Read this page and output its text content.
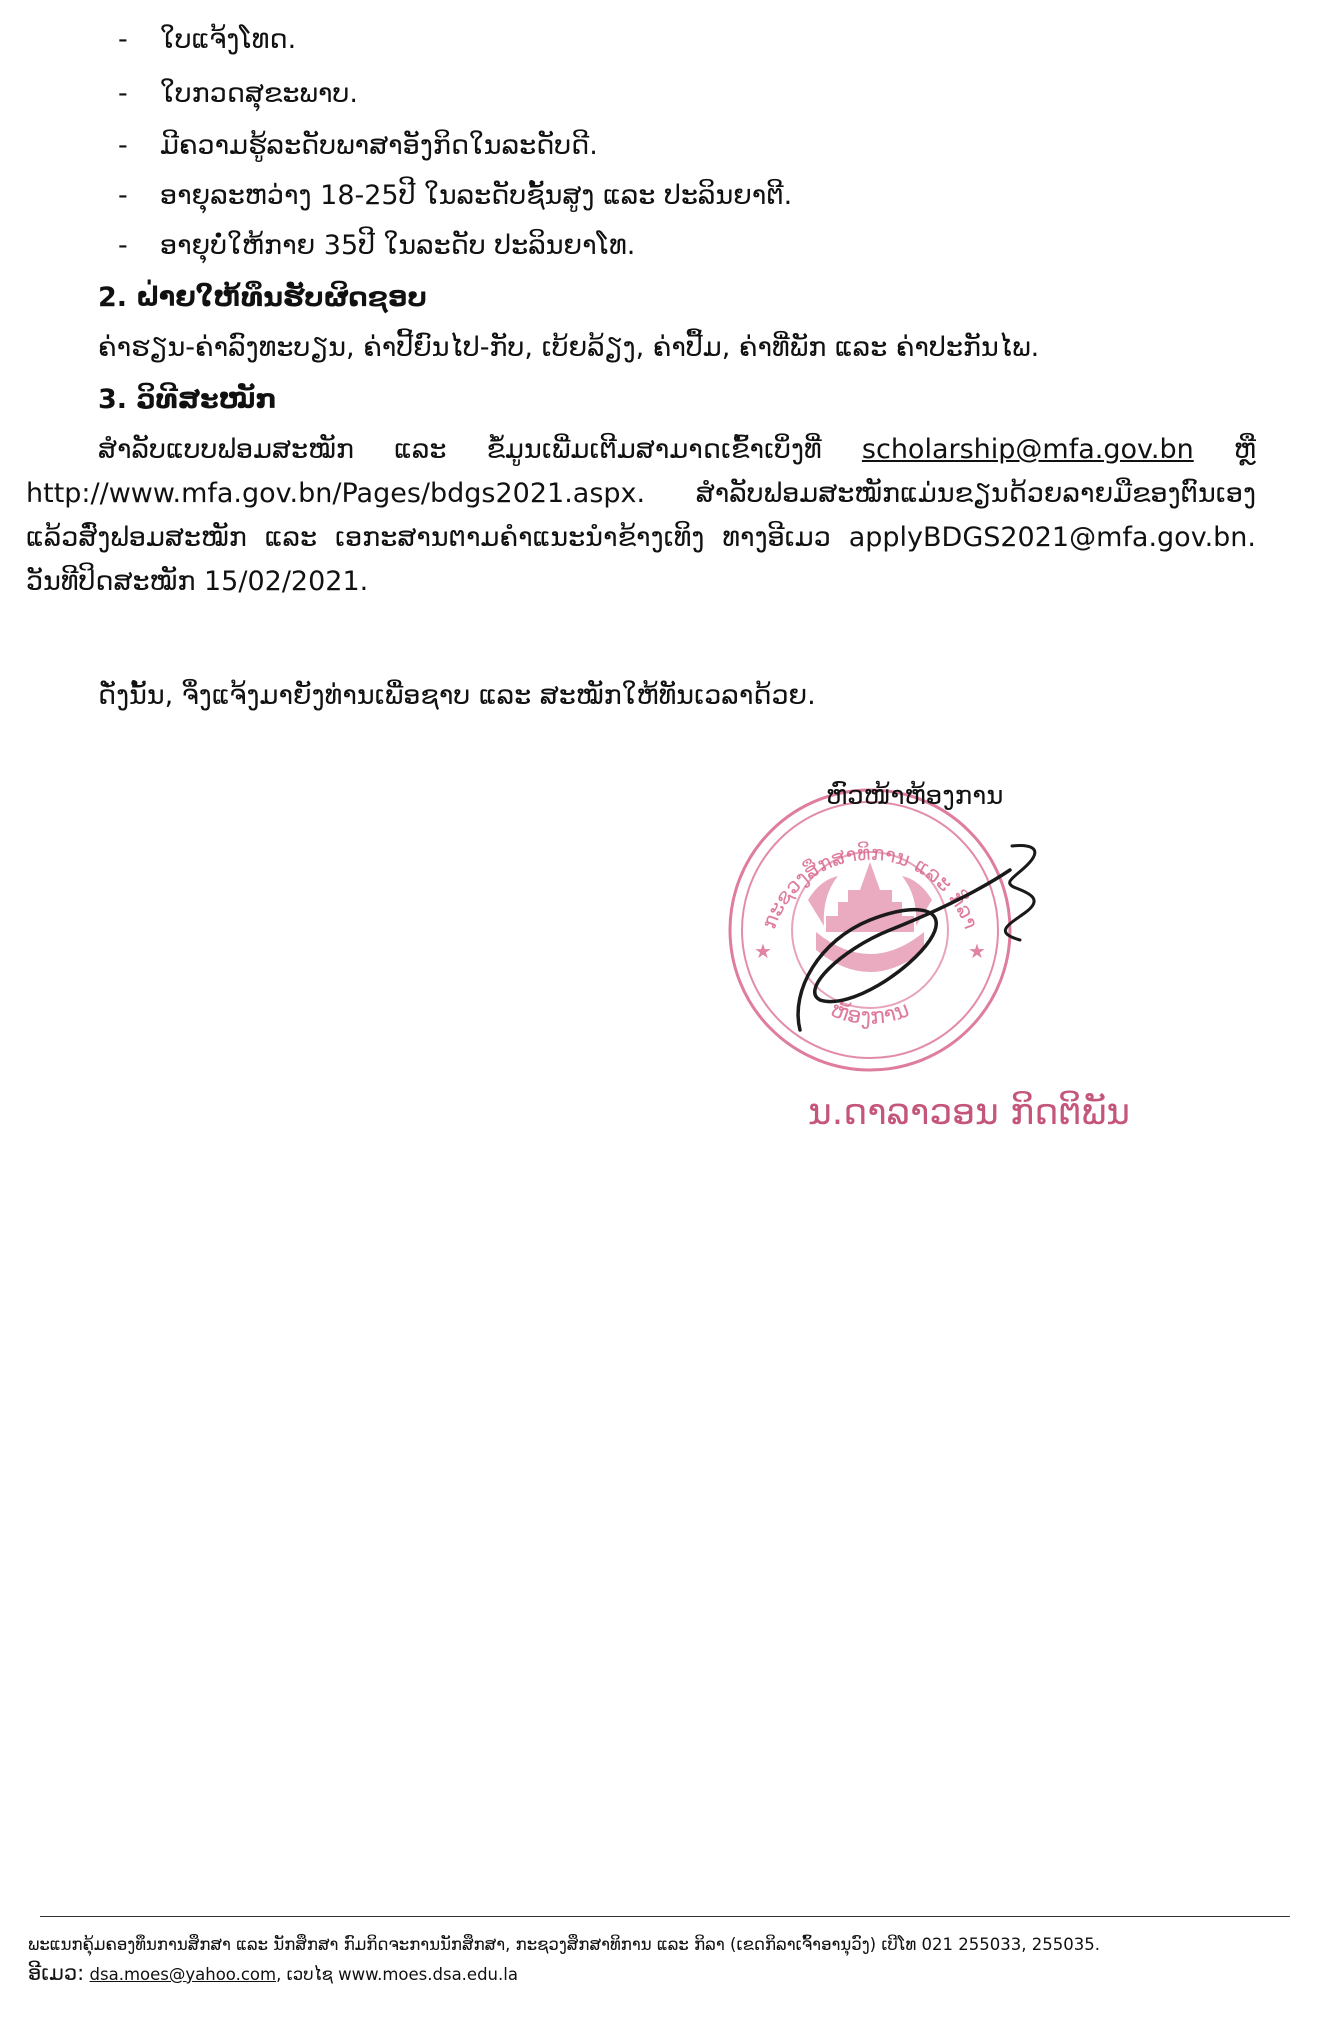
- ໃບແຈ້ງໂທດ.
- ໃບກວດສຸຂະພາບ.
- ມີຄວາມຮູ້ລະດັບພາສາອັງກິດໃນລະດັບດີ.
- ອາຍຸລະຫວ່າງ 18-25ປີ ໃນລະດັບຊັ້ນສູງ ແລະ ປະລິນຍາຕີ.
- ອາຍຸບໍ່ໃຫ້ກາຍ 35ປີ ໃນລະດັບ ປະລິນຍາໂທ.
2. ຝ່າຍໃຫ້ທຶນຮັບຜິດຊອບ
ຄ່າຮຽນ-ຄ່າລົງທະບຽນ, ຄ່າປີ້ຍົນໄປ-ກັບ, ເບ້ຍລ້ຽງ, ຄ່າປື້ມ, ຄ່າທີ່ພັກ ແລະ ຄ່າປະກັນໄພ.
3. ວິທີສະໝັກ
ສຳລັບແບບຟອມສະໝັກ ແລະ ຂໍ້ມູນເພີ່ມເຕີມສາມາດເຂົ້າເບິ່ງທີ່ scholarship@mfa.gov.bn ຫຼື http://www.mfa.gov.bn/Pages/bdgs2021.aspx. ສຳລັບຟອມສະໝັກແມ່ນຂຽນດ້ວຍລາຍມືຂອງຕົນເອງ ແລ້ວສົ່ງຟອມສະໝັກ ແລະ ເອກະສານຕາມຄຳແນະນຳຂ້າງເທິງ ທາງອີເມວ applyBDGS2021@mfa.gov.bn. ວັນທີປິດສະໝັກ 15/02/2021.
ດັ່ງນັ້ນ, ຈຶ່ງແຈ້ງມາຍັງທ່ານເພື່ອຊາບ ແລະ ສະໝັກໃຫ້ທັນເວລາດ້ວຍ.
ກະຊວງສຶກສາທິການ ແລະ ກິລາ
ຫ້ອງການ
★	★
ຫົວໜ້າຫ້ອງການ
ນ.ດາລາວອນ ກິດຕິພັນ
ພະແນກຄຸ້ມຄອງທຶນການສຶກສາ ແລະ ນັກສຶກສາ ກົມກິດຈະການນັກສຶກສາ, ກະຊວງສຶກສາທິການ ແລະ ກິລາ (ເຂດກິລາເຈົ້າອານຸວົງ) ເບີໂທ 021 255033, 255035.
ອີເມວ: dsa.moes@yahoo.com, ເວບໄຊ www.moes.dsa.edu.la
